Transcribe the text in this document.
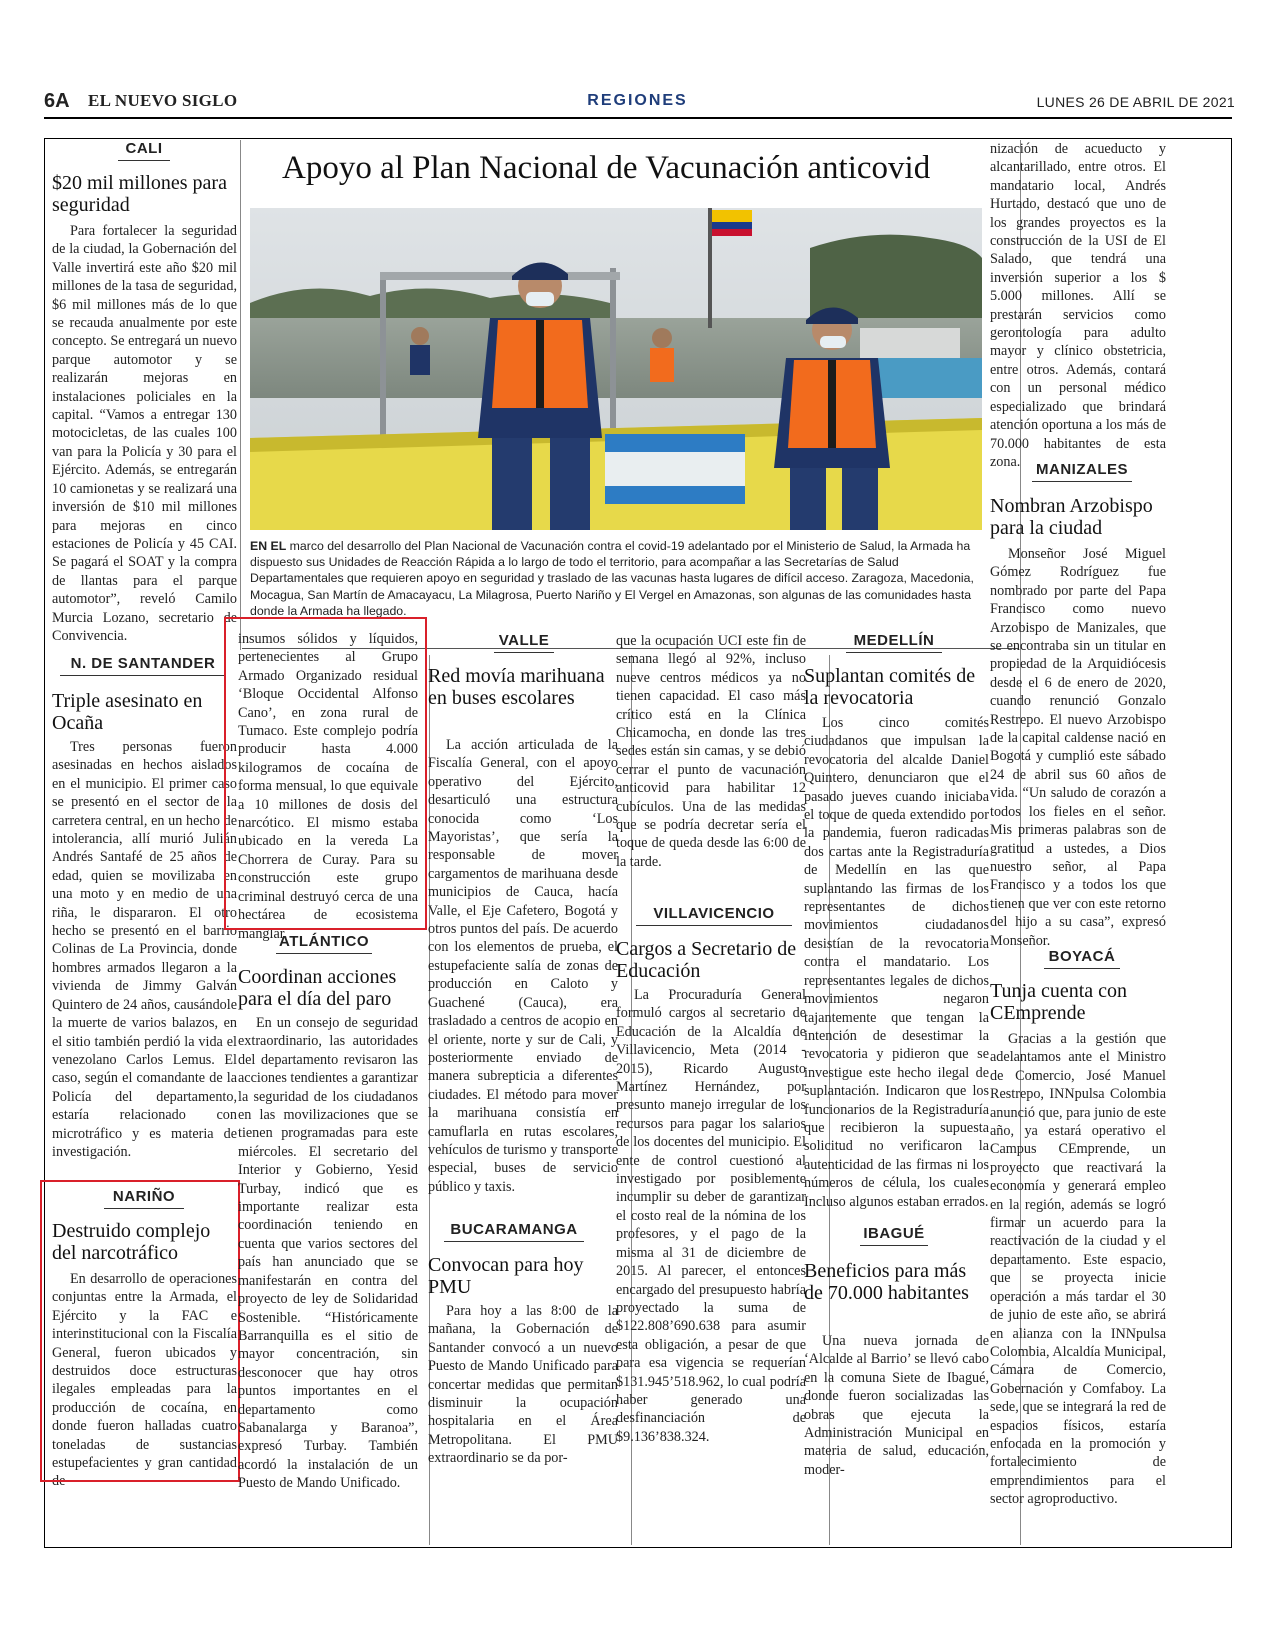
6A EL NUEVO SIGLO	REGIONES	LUNES 26 DE ABRIL DE 2021
Apoyo al Plan Nacional de Vacunación anticovid
EN EL marco del desarrollo del Plan Nacional de Vacunación contra el covid-19 adelantado por el Ministerio de Salud, la Armada ha dispuesto sus Unidades de Reacción Rápida a lo largo de todo el territorio, para acompañar a las Secretarías de Salud Departamentales que requieren apoyo en seguridad y traslado de las vacunas hasta lugares de difícil acceso. Zaragoza, Macedonia, Mocagua, San Martín de Amacayacu, La Milagrosa, Puerto Nariño y El Vergel en Amazonas, son algunas de las comunidades hasta donde la Armada ha llegado.
CALI
$20 mil millones para seguridad
Para fortalecer la seguridad de la ciudad, la Gobernación del Valle invertirá este año $20 mil millones de la tasa de seguridad, $6 mil millones más de lo que se recauda anualmente por este concepto. Se entregará un nuevo parque automotor y se realizarán mejoras en instalaciones policiales en la capital. “Vamos a entregar 130 motocicletas, de las cuales 100 van para la Policía y 30 para el Ejército. Además, se entregarán 10 camionetas y se realizará una inversión de $10 mil millones para mejoras en cinco estaciones de Policía y 45 CAI. Se pagará el SOAT y la compra de llantas para el parque automotor”, reveló Camilo Murcia Lozano, secretario de Convivencia.
N. DE SANTANDER
Triple asesinato en Ocaña
Tres personas fueron asesinadas en hechos aislados en el municipio. El primer caso se presentó en el sector de la carretera central, en un hecho de intolerancia, allí murió Julián Andrés Santafé de 25 años de edad, quien se movilizaba en una moto y en medio de una riña, le dispararon. El otro hecho se presentó en el barrio Colinas de La Provincia, donde hombres armados llegaron a la vivienda de Jimmy Galván Quintero de 24 años, causándole la muerte de varios balazos, en el sitio también perdió la vida el venezolano Carlos Lemus. El caso, según el comandante de la Policía del departamento, estaría relacionado con microtráfico y es materia de investigación.
NARIÑO
Destruido complejo del narcotráfico
En desarrollo de operaciones conjuntas entre la Armada, el Ejército y la FAC e interinstitucional con la Fiscalía General, fueron ubicados y destruidos doce estructuras ilegales empleadas para la producción de cocaína, en donde fueron halladas cuatro toneladas de sustancias estupefacientes y gran cantidad de
insumos sólidos y líquidos, pertenecientes al Grupo Armado Organizado residual ‘Bloque Occidental Alfonso Cano’, en zona rural de Tumaco. Este complejo podría producir hasta 4.000 kilogramos de cocaína de forma mensual, lo que equivale a 10 millones de dosis del narcótico. El mismo estaba ubicado en la vereda La Chorrera de Curay. Para su construcción este grupo criminal destruyó cerca de una hectárea de ecosistema manglar.
ATLÁNTICO
Coordinan acciones para el día del paro
En un consejo de seguridad extraordinario, las autoridades del departamento revisaron las acciones tendientes a garantizar la seguridad de los ciudadanos en las movilizaciones que se tienen programadas para este miércoles. El secretario del Interior y Gobierno, Yesid Turbay, indicó que es importante realizar esta coordinación teniendo en cuenta que varios sectores del país han anunciado que se manifestarán en contra del proyecto de ley de Solidaridad Sostenible. “Históricamente Barranquilla es el sitio de mayor concentración, sin desconocer que hay otros puntos importantes en el departamento como Sabanalarga y Baranoa”, expresó Turbay. También acordó la instalación de un Puesto de Mando Unificado.
VALLE
Red movía marihuana en buses escolares
La acción articulada de la Fiscalía General, con el apoyo operativo del Ejército, desarticuló una estructura conocida como ‘Los Mayoristas’, que sería la responsable de mover cargamentos de marihuana desde municipios de Cauca, hacía Valle, el Eje Cafetero, Bogotá y otros puntos del país. De acuerdo con los elementos de prueba, el estupefaciente salía de zonas de producción en Caloto y Guachené (Cauca), era trasladado a centros de acopio en el oriente, norte y sur de Cali, y posteriormente enviado de manera subrepticia a diferentes ciudades. El método para mover la marihuana consistía en camuflarla en rutas escolares, vehículos de turismo y transporte especial, buses de servicio público y taxis.
BUCARAMANGA
Convocan para hoy PMU
Para hoy a las 8:00 de la mañana, la Gobernación de Santander convocó a un nuevo Puesto de Mando Unificado para concertar medidas que permitan disminuir la ocupación hospitalaria en el Área Metropolitana. El PMU extraordinario se da por-
que la ocupación UCI este fin de semana llegó al 92%, incluso nueve centros médicos ya no tienen capacidad. El caso más crítico está en la Clínica Chicamocha, en donde las tres sedes están sin camas, y se debió cerrar el punto de vacunación anticovid para habilitar 12 cubículos. Una de las medidas que se podría decretar sería el toque de queda desde las 6:00 de la tarde.
VILLAVICENCIO
Cargos a Secretario de Educación
La Procuraduría General formuló cargos al secretario de Educación de la Alcaldía de Villavicencio, Meta (2014 - 2015), Ricardo Augusto Martínez Hernández, por presunto manejo irregular de los recursos para pagar los salarios de los docentes del municipio. El ente de control cuestionó al investigado por posiblemente incumplir su deber de garantizar el costo real de la nómina de los profesores, y el pago de la misma al 31 de diciembre de 2015. Al parecer, el entonces encargado del presupuesto habría proyectado la suma de $122.808’690.638 para asumir esta obligación, a pesar de que para esa vigencia se requerían $131.945’518.962, lo cual podría haber generado una desfinanciación de $9.136’838.324.
MEDELLÍN
Suplantan comités de la revocatoria
Los cinco comités ciudadanos que impulsan la revocatoria del alcalde Daniel Quintero, denunciaron que el pasado jueves cuando iniciaba el toque de queda extendido por la pandemia, fueron radicadas dos cartas ante la Registraduría de Medellín en las que suplantando las firmas de los representantes de dichos movimientos ciudadanos desistían de la revocatoria contra el mandatario. Los representantes legales de dichos movimientos negaron tajantemente que tengan la intención de desestimar la revocatoria y pidieron que se investigue este hecho ilegal de suplantación. Indicaron que los funcionarios de la Registraduría que recibieron la supuesta solicitud no verificaron la autenticidad de las firmas ni los números de célula, los cuales Incluso algunos estaban errados.
IBAGUÉ
Beneficios para más de 70.000 habitantes
Una nueva jornada de ‘Alcalde al Barrio’ se llevó cabo en la comuna Siete de Ibagué, donde fueron socializadas las obras que ejecuta la Administración Municipal en materia de salud, educación, moder-
nización de acueducto y alcantarillado, entre otros. El mandatario local, Andrés Hurtado, destacó que uno de los grandes proyectos es la construcción de la USI de El Salado, que tendrá una inversión superior a los $ 5.000 millones. Allí se prestarán servicios como gerontología para adulto mayor y clínico obstetricia, entre otros. Además, contará con un personal médico especializado que brindará atención oportuna a los más de 70.000 habitantes de esta zona.	MANIZALES
Nombran Arzobispo para la ciudad
Monseñor José Miguel Gómez Rodríguez fue nombrado por parte del Papa Francisco como nuevo Arzobispo de Manizales, que se encontraba sin un titular en propiedad de la Arquidiócesis desde el 6 de enero de 2020, cuando renunció Gonzalo Restrepo. El nuevo Arzobispo de la capital caldense nació en Bogotá y cumplió este sábado 24 de abril sus 60 años de vida. “Un saludo de corazón a todos los fieles en el señor. Mis primeras palabras son de gratitud a ustedes, a Dios nuestro señor, al Papa Francisco y a todos los que tienen que ver con este retorno del hijo a su casa”, expresó Monseñor.
BOYACÁ
Tunja cuenta con CEmprende
Gracias a la gestión que adelantamos ante el Ministro de Comercio, José Manuel Restrepo, INNpulsa Colombia anunció que, para junio de este año, ya estará operativo el Campus CEmprende, un proyecto que reactivará la economía y generará empleo en la región, además se logró firmar un acuerdo para la reactivación de la ciudad y el departamento. Este espacio, que se proyecta inicie operación a más tardar el 30 de junio de este año, se abrirá en alianza con la INNpulsa Colombia, Alcaldía Municipal, Cámara de Comercio, Gobernación y Comfaboy. La sede, que se integrará la red de espacios físicos, estaría enfocada en la promoción y fortalecimiento de emprendimientos para el sector agroproductivo.
